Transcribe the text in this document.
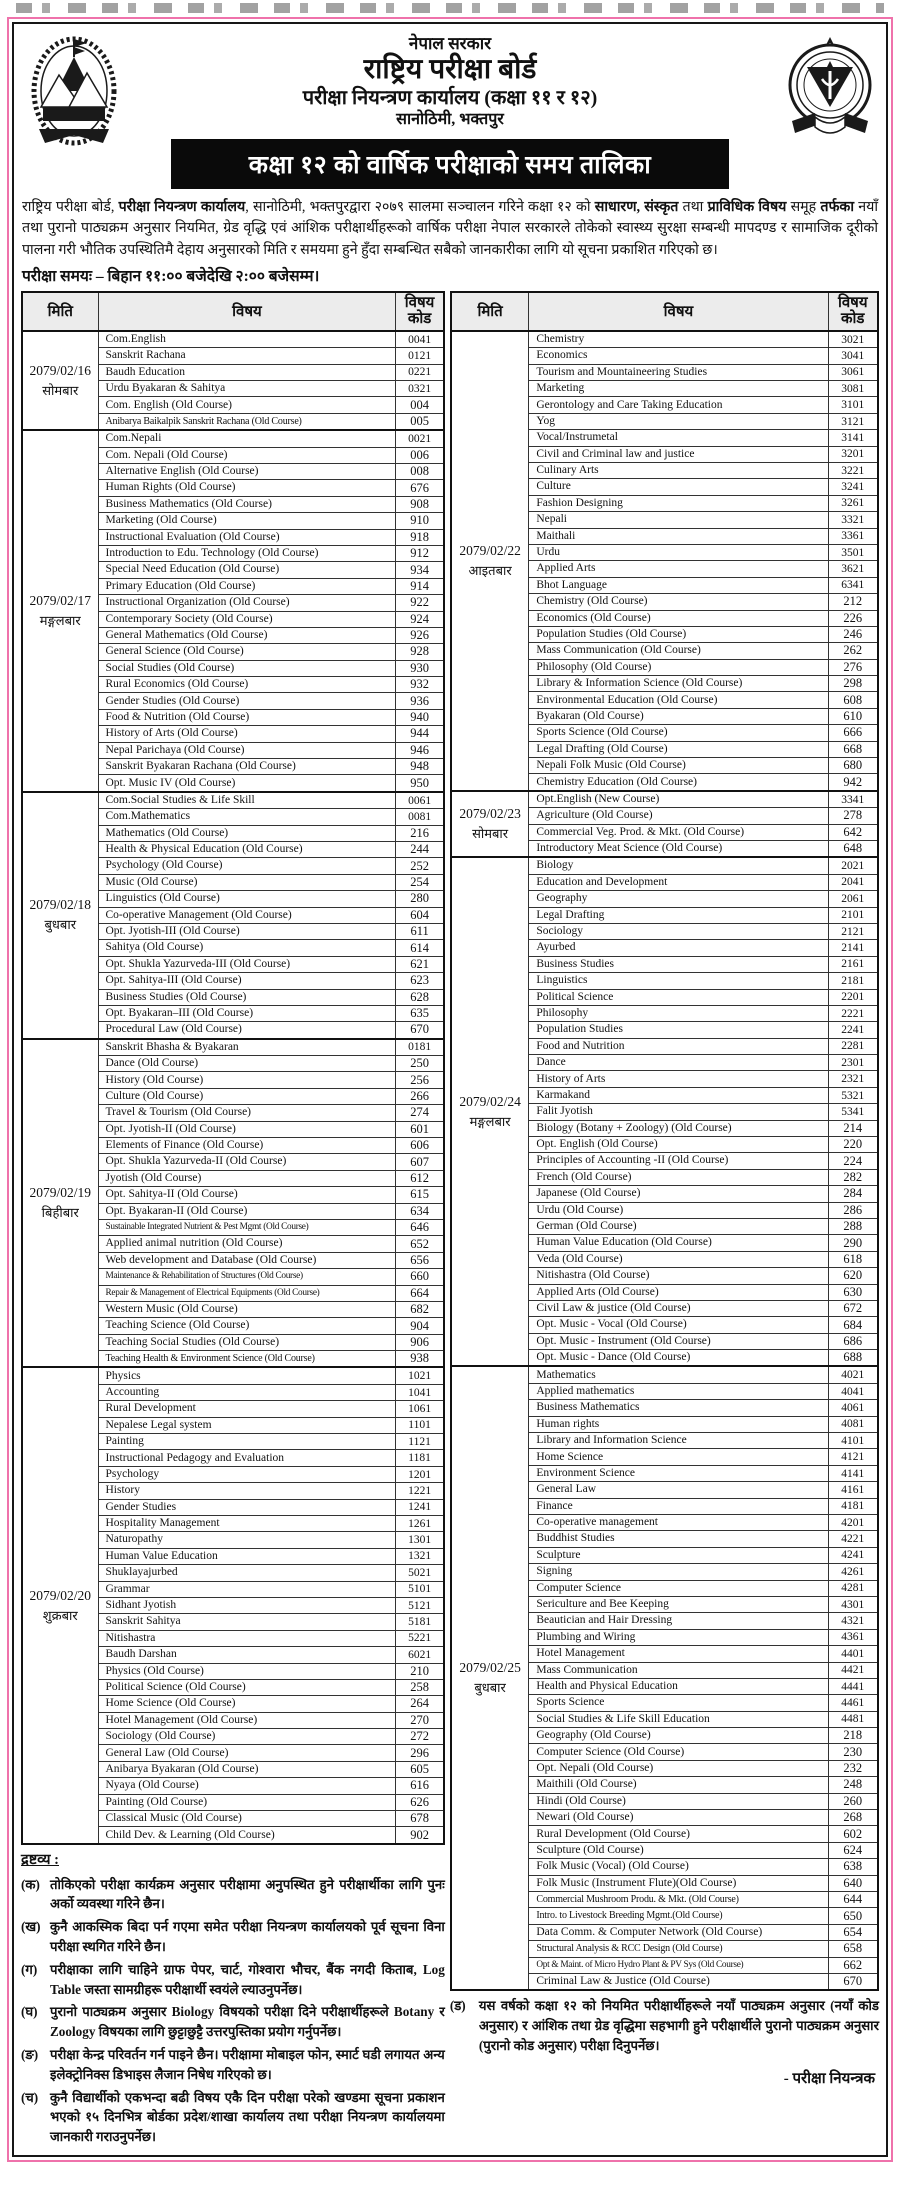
नेपाल सरकार
राष्ट्रिय परीक्षा बोर्ड
परीक्षा नियन्त्रण कार्यालय (कक्षा ११ र १२)
सानोठिमी, भक्तपुर
कक्षा १२ को वार्षिक परीक्षाको समय तालिका
राष्ट्रिय परीक्षा बोर्ड, परीक्षा नियन्त्रण कार्यालय, सानोठिमी, भक्तपुरद्वारा २०७९ सालमा सञ्चालन गरिने कक्षा १२ को साधारण, संस्कृत तथा प्राविधिक विषय समूह तर्फका नयाँ तथा पुरानो पाठ्यक्रम अनुसार नियमित, ग्रेड वृद्धि एवं आंशिक परीक्षार्थीहरूको वार्षिक परीक्षा नेपाल सरकारले तोकेको स्वास्थ्य सुरक्षा सम्बन्धी मापदण्ड र सामाजिक दूरीको पालना गरी भौतिक उपस्थितिमै देहाय अनुसारको मिति र समयमा हुने हुँदा सम्बन्धित सबैको जानकारीका लागि यो सूचना प्रकाशित गरिएको छ।
परीक्षा समयः – बिहान ११:०० बजेदेखि २:०० बजेसम्म।
मिति	विषय	विषय कोड

2079/02/16
सोमबार	Com.English	0041
	Sanskrit Rachana	0121
	Baudh Education	0221
	Urdu Byakaran & Sahitya	0321
	Com. English (Old Course)	004
	Anibarya Baikalpik Sanskrit Rachana (Old Course)	005

2079/02/17
मङ्गलबार	Com.Nepali	0021
	Com. Nepali (Old Course)	006
	Alternative English (Old Course)	008
	Human Rights (Old Course)	676
	Business Mathematics (Old Course)	908
	Marketing (Old Course)	910
	Instructional Evaluation (Old Course)	918
	Introduction to Edu. Technology (Old Course)	912
	Special Need Education (Old Course)	934
	Primary Education (Old Course)	914
	Instructional Organization (Old Course)	922
	Contemporary Society (Old Course)	924
	General Mathematics (Old Course)	926
	General Science (Old Course)	928
	Social Studies (Old Course)	930
	Rural Economics (Old Course)	932
	Gender Studies (Old Course)	936
	Food & Nutrition (Old Course)	940
	History of Arts (Old Course)	944
	Nepal Parichaya (Old Course)	946
	Sanskrit Byakaran Rachana (Old Course)	948
	Opt. Music IV (Old Course)	950

2079/02/18
बुधबार	Com.Social Studies & Life Skill	0061
	Com.Mathematics	0081
	Mathematics (Old Course)	216
	Health & Physical Education (Old Course)	244
	Psychology (Old Course)	252
	Music (Old Course)	254
	Linguistics (Old Course)	280
	Co-operative Management (Old Course)	604
	Opt. Jyotish-III (Old Course)	611
	Sahitya (Old Course)	614
	Opt. Shukla Yazurveda-III (Old Course)	621
	Opt. Sahitya-III (Old Course)	623
	Business Studies (Old Course)	628
	Opt. Byakaran–III (Old Course)	635
	Procedural Law (Old Course)	670

2079/02/19
बिहीबार	Sanskrit Bhasha & Byakaran	0181
	Dance (Old Course)	250
	History (Old Course)	256
	Culture (Old Course)	266
	Travel & Tourism (Old Course)	274
	Opt. Jyotish-II (Old Course)	601
	Elements of Finance (Old Course)	606
	Opt. Shukla Yazurveda-II (Old Course)	607
	Jyotish (Old Course)	612
	Opt. Sahitya-II (Old Course)	615
	Opt. Byakaran-II (Old Course)	634
	Sustainable Integrated Nutrient & Pest Mgmt (Old Course)	646
	Applied animal nutrition (Old Course)	652
	Web development and Database (Old Course)	656
	Maintenance & Rehabilitation of Structures (Old Course)	660
	Repair & Management of Electrical Equipments (Old Course)	664
	Western Music (Old Course)	682
	Teaching Science (Old Course)	904
	Teaching Social Studies (Old Course)	906
	Teaching Health & Environment Science (Old Course)	938

2079/02/20
शुक्रबार	Physics	1021
	Accounting	1041
	Rural Development	1061
	Nepalese Legal system	1101
	Painting	1121
	Instructional Pedagogy and Evaluation	1181
	Psychology	1201
	History	1221
	Gender Studies	1241
	Hospitality Management	1261
	Naturopathy	1301
	Human Value Education	1321
	Shuklayajurbed	5021
	Grammar	5101
	Sidhant Jyotish	5121
	Sanskrit Sahitya	5181
	Nitishastra	5221
	Baudh Darshan	6021
	Physics (Old Course)	210
	Political Science (Old Course)	258
	Home Science (Old Course)	264
	Hotel Management (Old Course)	270
	Sociology (Old Course)	272
	General Law (Old Course)	296
	Anibarya Byakaran (Old Course)	605
	Nyaya (Old Course)	616
	Painting (Old Course)	626
	Classical Music (Old Course)	678
	Child Dev. & Learning (Old Course)	902
द्रष्टव्य :
(क) तोकिएको परीक्षा कार्यक्रम अनुसार परीक्षामा अनुपस्थित हुने परीक्षार्थीका लागि पुनः अर्को व्यवस्था गरिने छैन।
(ख) कुनै आकस्मिक बिदा पर्न गएमा समेत परीक्षा नियन्त्रण कार्यालयको पूर्व सूचना विना परीक्षा स्थगित गरिने छैन।
(ग) परीक्षाका लागि चाहिने ग्राफ पेपर, चार्ट, गोश्वारा भौचर, बैंक नगदी किताब, Log Table जस्ता सामग्रीहरू परीक्षार्थी स्वयंले ल्याउनुपर्नेछ।
(घ) पुरानो पाठ्यक्रम अनुसार Biology विषयको परीक्षा दिने परीक्षार्थीहरूले Botany र Zoology विषयका लागि छुट्टाछुट्टै उत्तरपुस्तिका प्रयोग गर्नुपर्नेछ।
(ङ) परीक्षा केन्द्र परिवर्तन गर्न पाइने छैन। परीक्षामा मोबाइल फोन, स्मार्ट घडी लगायत अन्य इलेक्ट्रोनिक्स डिभाइस लैजान निषेध गरिएको छ।
(च) कुनै विद्यार्थीको एकभन्दा बढी विषय एकै दिन परीक्षा परेको खण्डमा सूचना प्रकाशन भएको १५ दिनभित्र बोर्डका प्रदेश/शाखा कार्यालय तथा परीक्षा नियन्त्रण कार्यालयमा जानकारी गराउनुपर्नेछ।
मिति	विषय	विषय कोड

2079/02/22
आइतबार	Chemistry	3021
	Economics	3041
	Tourism and Mountaineering Studies	3061
	Marketing	3081
	Gerontology and Care Taking Education	3101
	Yog	3121
	Vocal/Instrumetal	3141
	Civil and Criminal law and justice	3201
	Culinary Arts	3221
	Culture	3241
	Fashion Designing	3261
	Nepali	3321
	Maithali	3361
	Urdu	3501
	Applied Arts	3621
	Bhot Language	6341
	Chemistry (Old Course)	212
	Economics (Old Course)	226
	Population Studies (Old Course)	246
	Mass Communication (Old Course)	262
	Philosophy (Old Course)	276
	Library & Information Science (Old Course)	298
	Environmental Education (Old Course)	608
	Byakaran (Old Course)	610
	Sports Science (Old Course)	666
	Legal Drafting (Old Course)	668
	Nepali Folk Music (Old Course)	680
	Chemistry Education (Old Course)	942

2079/02/23
सोमबार	Opt.English (New Course)	3341
	Agriculture (Old Course)	278
	Commercial Veg. Prod. & Mkt. (Old Course)	642
	Introductory Meat Science (Old Course)	648

2079/02/24
मङ्गलबार	Biology	2021
	Education and Development	2041
	Geography	2061
	Legal Drafting	2101
	Sociology	2121
	Ayurbed	2141
	Business Studies	2161
	Linguistics	2181
	Political Science	2201
	Philosophy	2221
	Population Studies	2241
	Food and Nutrition	2281
	Dance	2301
	History of Arts	2321
	Karmakand	5321
	Falit Jyotish	5341
	Biology (Botany + Zoology) (Old Course)	214
	Opt. English (Old Course)	220
	Principles of Accounting -II (Old Course)	224
	French (Old Course)	282
	Japanese (Old Course)	284
	Urdu (Old Course)	286
	German (Old Course)	288
	Human Value Education (Old Course)	290
	Veda (Old Course)	618
	Nitishastra (Old Course)	620
	Applied Arts (Old Course)	630
	Civil Law & justice (Old Course)	672
	Opt. Music - Vocal (Old Course)	684
	Opt. Music - Instrument (Old Course)	686
	Opt. Music - Dance (Old Course)	688

2079/02/25
बुधबार	Mathematics	4021
	Applied mathematics	4041
	Business Mathematics	4061
	Human rights	4081
	Library and Information Science	4101
	Home Science	4121
	Environment Science	4141
	General Law	4161
	Finance	4181
	Co-operative management	4201
	Buddhist Studies	4221
	Sculpture	4241
	Signing	4261
	Computer Science	4281
	Sericulture and Bee Keeping	4301
	Beautician and Hair Dressing	4321
	Plumbing and Wiring	4361
	Hotel Management	4401
	Mass Communication	4421
	Health and Physical Education	4441
	Sports Science	4461
	Social Studies & Life Skill Education	4481
	Geography (Old Course)	218
	Computer Science (Old Course)	230
	Opt. Nepali (Old Course)	232
	Maithili (Old Course)	248
	Hindi (Old Course)	260
	Newari (Old Course)	268
	Rural Development (Old Course)	602
	Sculpture (Old Course)	624
	Folk Music (Vocal) (Old Course)	638
	Folk Music (Instrument Flute)(Old Course)	640
	Commercial Mushroom Produ. & Mkt. (Old Course)	644
	Intro. to Livestock Breeding Mgmt.(Old Course)	650
	Data Comm. & Computer Network (Old Course)	654
	Structural Analysis & RCC Design (Old Course)	658
	Opt & Maint. of Micro Hydro Plant & PV Sys (Old Course)	662
	Criminal Law & Justice (Old Course)	670
(ड) यस वर्षको कक्षा १२ को नियमित परीक्षार्थीहरूले नयाँ पाठ्यक्रम अनुसार (नयाँ कोड अनुसार) र आंशिक तथा ग्रेड वृद्धिमा सहभागी हुने परीक्षार्थीले पुरानो पाठ्यक्रम अनुसार (पुरानो कोड अनुसार) परीक्षा दिनुपर्नेछ।
- परीक्षा नियन्त्रक
